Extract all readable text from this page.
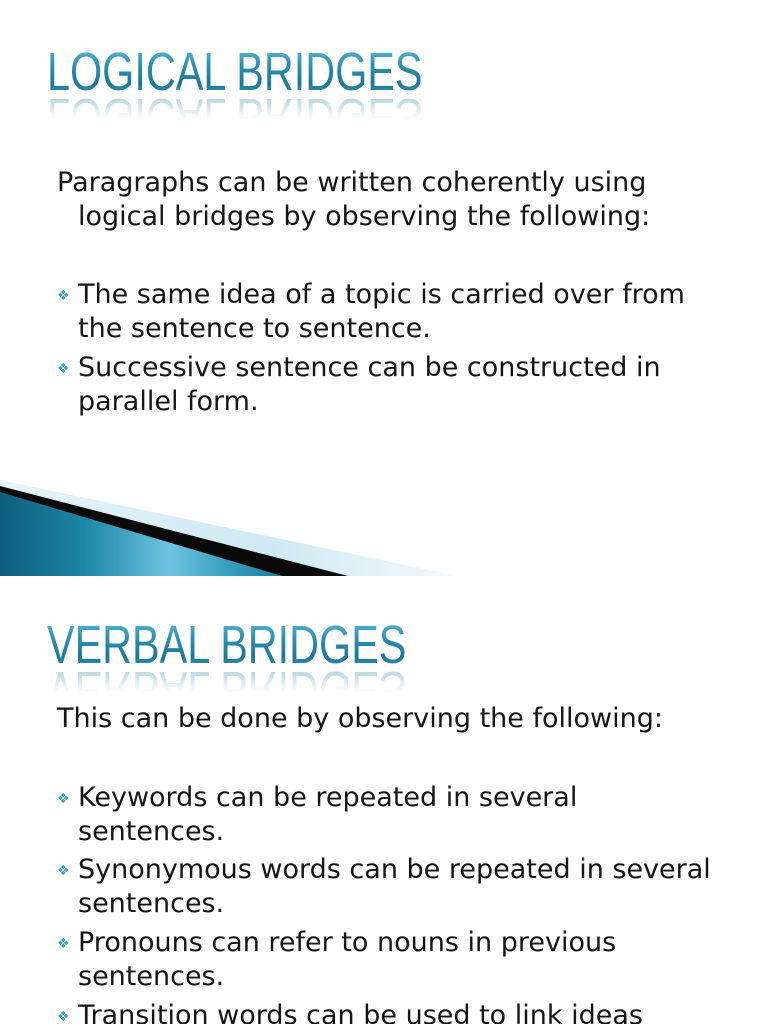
LOGICAL BRIDGES
Paragraphs can be written coherently using
logical bridges by observing the following:
❖
The same idea of a topic is carried over from
the sentence to sentence.
❖
Successive sentence can be constructed in
parallel form.
VERBAL BRIDGES
This can be done by observing the following:
❖
Keywords can be repeated in several
sentences.
❖
Synonymous words can be repeated in several
sentences.
❖
Pronouns can refer to nouns in previous
sentences.
❖
Transition words can be used to link ideas
